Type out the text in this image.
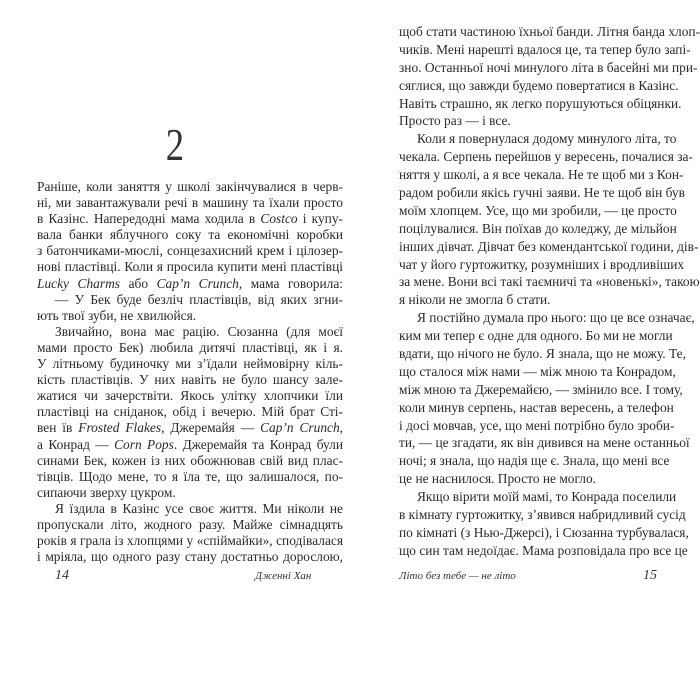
2
Раніше, коли заняття у школі закінчувалися в черв-
ні, ми завантажували речі в машину та їхали просто
в Казінс. Напередодні мама ходила в Costco і купу-
вала банки яблучного соку та економічні коробки
з батончиками-мюслі, сонцезахисний крем і цілозер-
нові пластівці. Коли я просила купити мені пластівці
Lucky Charms або Cap’n Crunch, мама говорила:
— У Бек буде безліч пластівців, від яких згни-
ють твої зуби, не хвилюйся.
Звичайно, вона має рацію. Сюзанна (для моєї
мами просто Бек) любила дитячі пластівці, як і я.
У літньому будиночку ми з’їдали неймовірну кіль-
кість пластівців. У них навіть не було шансу зале-
жатися чи зачерствіти. Якось улітку хлопчики їли
пластівці на сніданок, обід і вечерю. Мій брат Сті-
вен їв Frosted Flakes, Джеремайя — Cap’n Crunch,
а Конрад — Corn Pops. Джеремайя та Конрад були
синами Бек, кожен із них обожнював свій вид плас-
тівців. Щодо мене, то я їла те, що залишалося, по-
сипаючи зверху цукром.
Я їздила в Казінс усе своє життя. Ми ніколи не
пропускали літо, жодного разу. Майже сімнадцять
років я грала із хлопцями у «спіймайки», сподівалася
і мріяла, що одного разу стану достатньо дорослою,
14	Дженні Хан
щоб стати частиною їхньої банди. Літня банда хлоп-
чиків. Мені нарешті вдалося це, та тепер було запі-
зно. Останньої ночі минулого літа в басейні ми при-
сяглися, що завжди будемо повертатися в Казінс.
Навіть страшно, як легко порушуються обіцянки.
Просто раз — і все.
Коли я повернулася додому минулого літа, то
чекала. Серпень перейшов у вересень, почалися за-
няття у школі, а я все чекала. Не те щоб ми з Кон-
радом робили якісь гучні заяви. Не те щоб він був
моїм хлопцем. Усе, що ми зробили, — це просто
поцілувалися. Він поїхав до коледжу, де мільйон
інших дівчат. Дівчат без комендантської години, дів-
чат у його гуртожитку, розумніших і вродливіших
за мене. Вони всі такі таємничі та «новенькі», такою
я ніколи не змогла б стати.
Я постійно думала про нього: що це все означає,
ким ми тепер є одне для одного. Бо ми не могли
вдати, що нічого не було. Я знала, що не можу. Те,
що сталося між нами — між мною та Конрадом,
між мною та Джеремайєю, — змінило все. І тому,
коли минув серпень, настав вересень, а телефон
і досі мовчав, усе, що мені потрібно було зроби-
ти, — це згадати, як він дивився на мене останньої
ночі; я знала, що надія ще є. Знала, що мені все
це не наснилося. Просто не могло.
Якщо вірити моїй мамі, то Конрада поселили
в кімнату гуртожитку, з’явився набридливий сусід
по кімнаті (з Нью-Джерсі), і Сюзанна турбувалася,
що син там недоїдає. Мама розповідала про все це
Літо без тебе — не літо	15
